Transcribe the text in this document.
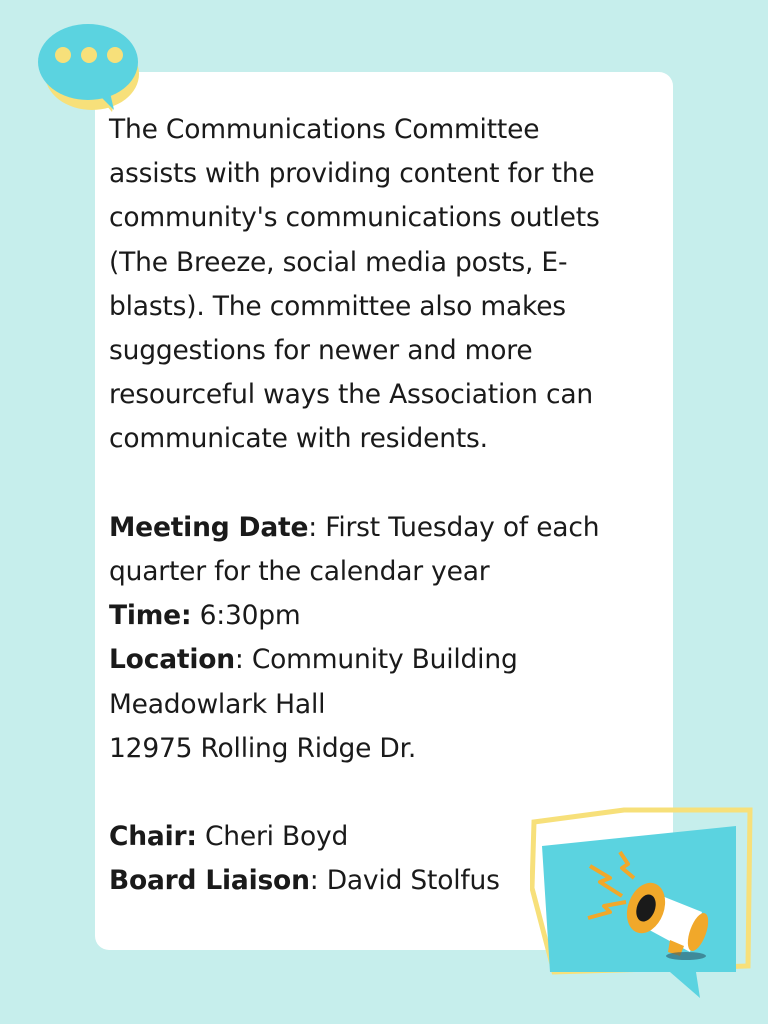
The Communications Committee

assists with providing content for the

community's communications outlets

(The Breeze, social media posts, E-

blasts). The committee also makes

suggestions for newer and more

resourceful ways the Association can

communicate with residents.

Meeting Date: First Tuesday of each

quarter for the calendar year

Time: 6:30pm

Location: Community Building

Meadowlark Hall

12975 Rolling Ridge Dr.

Chair: Cheri Boyd

Board Liaison: David Stolfus
